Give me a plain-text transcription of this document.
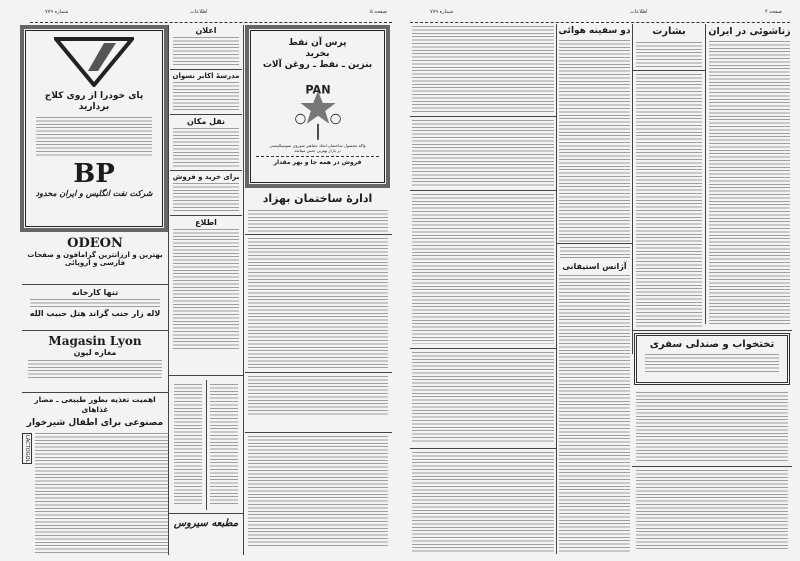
شماره ۷۷۹	اطلاعات	صفحه ۵
پای خودرا از روی کلاج بردارید
BP
شرکت نفت انگلیس و ایران محدود
ODEON
بهترین و ارزانترین گرامافون و صفحات
فارسی و اروپائی
تنها کارخانه
لاله زار جنب گراند هتل حبیب الله
Magasin Lyon
مغازه لیون
اهمیت تغذیه بطور طبیعی ـ مضار غذاهای
مصنوعی برای اطفال شیرخوار
LACTOGOL
اعلان
مدرسهٔ اکابر نسوان
نقل مکان
برای خرید و فروش
اطلاع
مطبعه سیروس
پرس آن نفط
بخرید
بنزین ـ نفط ـ روغن آلات
PAN
واکه محصول ساختمان اتحاد جماهیر شوروی سوسیالیستی
در بازار بهترین جنس میباشد
فروش در همه جا و بهر مقدار
ادارهٔ ساختمان بهزاد
شماره ۷۷۹	اطلاعات	صفحه ۴
دو سفینه هوائی
آژانس استیفانی
بشارت	زناشوئی در ایران
تختخواب و صندلی سفری
